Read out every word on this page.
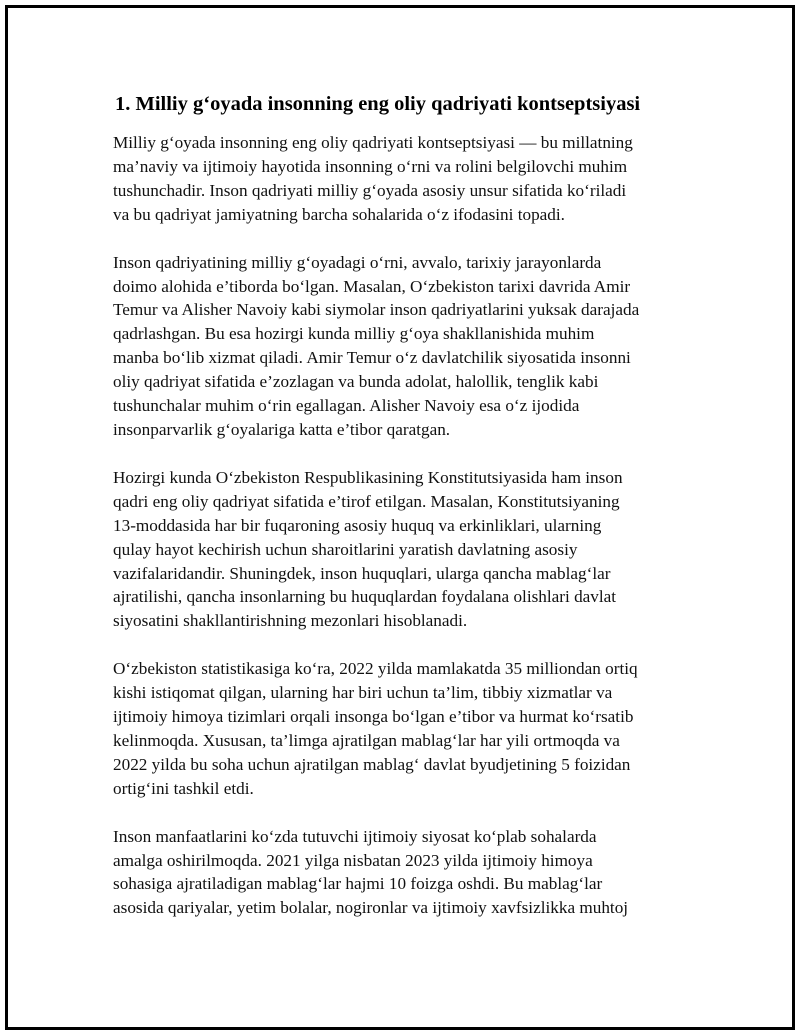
1. Milliy g‘oyada insonning eng oliy qadriyati kontseptsiyasi

Milliy g‘oyada insonning eng oliy qadriyati kontseptsiyasi — bu millatning
ma’naviy va ijtimoiy hayotida insonning o‘rni va rolini belgilovchi muhim
tushunchadir. Inson qadriyati milliy g‘oyada asosiy unsur sifatida ko‘riladi
va bu qadriyat jamiyatning barcha sohalarida o‘z ifodasini topadi.

Inson qadriyatining milliy g‘oyadagi o‘rni, avvalo, tarixiy jarayonlarda
doimo alohida e’tiborda bo‘lgan. Masalan, O‘zbekiston tarixi davrida Amir
Temur va Alisher Navoiy kabi siymolar inson qadriyatlarini yuksak darajada
qadrlashgan. Bu esa hozirgi kunda milliy g‘oya shakllanishida muhim
manba bo‘lib xizmat qiladi. Amir Temur o‘z davlatchilik siyosatida insonni
oliy qadriyat sifatida e’zozlagan va bunda adolat, halollik, tenglik kabi
tushunchalar muhim o‘rin egallagan. Alisher Navoiy esa o‘z ijodida
insonparvarlik g‘oyalariga katta e’tibor qaratgan.

Hozirgi kunda O‘zbekiston Respublikasining Konstitutsiyasida ham inson
qadri eng oliy qadriyat sifatida e’tirof etilgan. Masalan, Konstitutsiyaning
13-moddasida har bir fuqaroning asosiy huquq va erkinliklari, ularning
qulay hayot kechirish uchun sharoitlarini yaratish davlatning asosiy
vazifalaridandir. Shuningdek, inson huquqlari, ularga qancha mablag‘lar
ajratilishi, qancha insonlarning bu huquqlardan foydalana olishlari davlat
siyosatini shakllantirishning mezonlari hisoblanadi.

O‘zbekiston statistikasiga ko‘ra, 2022 yilda mamlakatda 35 milliondan ortiq
kishi istiqomat qilgan, ularning har biri uchun ta’lim, tibbiy xizmatlar va
ijtimoiy himoya tizimlari orqali insonga bo‘lgan e’tibor va hurmat ko‘rsatib
kelinmoqda. Xususan, ta’limga ajratilgan mablag‘lar har yili ortmoqda va
2022 yilda bu soha uchun ajratilgan mablag‘ davlat byudjetining 5 foizidan
ortig‘ini tashkil etdi.

Inson manfaatlarini ko‘zda tutuvchi ijtimoiy siyosat ko‘plab sohalarda
amalga oshirilmoqda. 2021 yilga nisbatan 2023 yilda ijtimoiy himoya
sohasiga ajratiladigan mablag‘lar hajmi 10 foizga oshdi. Bu mablag‘lar
asosida qariyalar, yetim bolalar, nogironlar va ijtimoiy xavfsizlikka muhtoj
